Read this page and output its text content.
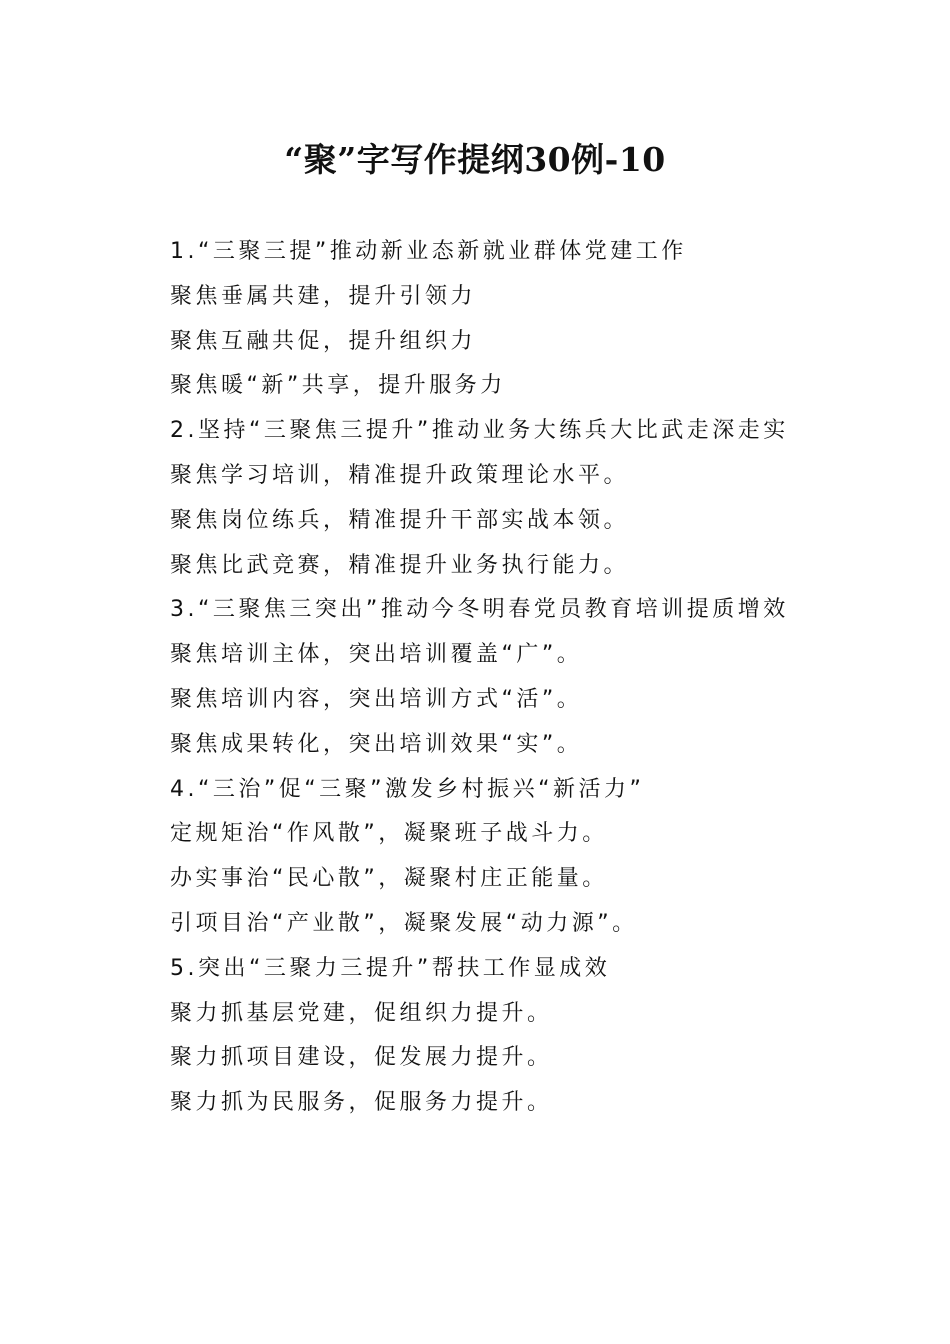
“聚”字写作提纲30例-10
1.“三聚三提”推动新业态新就业群体党建工作
聚焦垂属共建，提升引领力
聚焦互融共促，提升组织力
聚焦暖“新”共享，提升服务力
2.坚持“三聚焦三提升”推动业务大练兵大比武走深走实
聚焦学习培训，精准提升政策理论水平。
聚焦岗位练兵，精准提升干部实战本领。
聚焦比武竞赛，精准提升业务执行能力。
3.“三聚焦三突出”推动今冬明春党员教育培训提质增效
聚焦培训主体，突出培训覆盖“广”。
聚焦培训内容，突出培训方式“活”。
聚焦成果转化，突出培训效果“实”。
4.“三治”促“三聚”激发乡村振兴“新活力”
定规矩治“作风散”，凝聚班子战斗力。
办实事治“民心散”，凝聚村庄正能量。
引项目治“产业散”，凝聚发展“动力源”。
5.突出“三聚力三提升”帮扶工作显成效
聚力抓基层党建，促组织力提升。
聚力抓项目建设，促发展力提升。
聚力抓为民服务，促服务力提升。
